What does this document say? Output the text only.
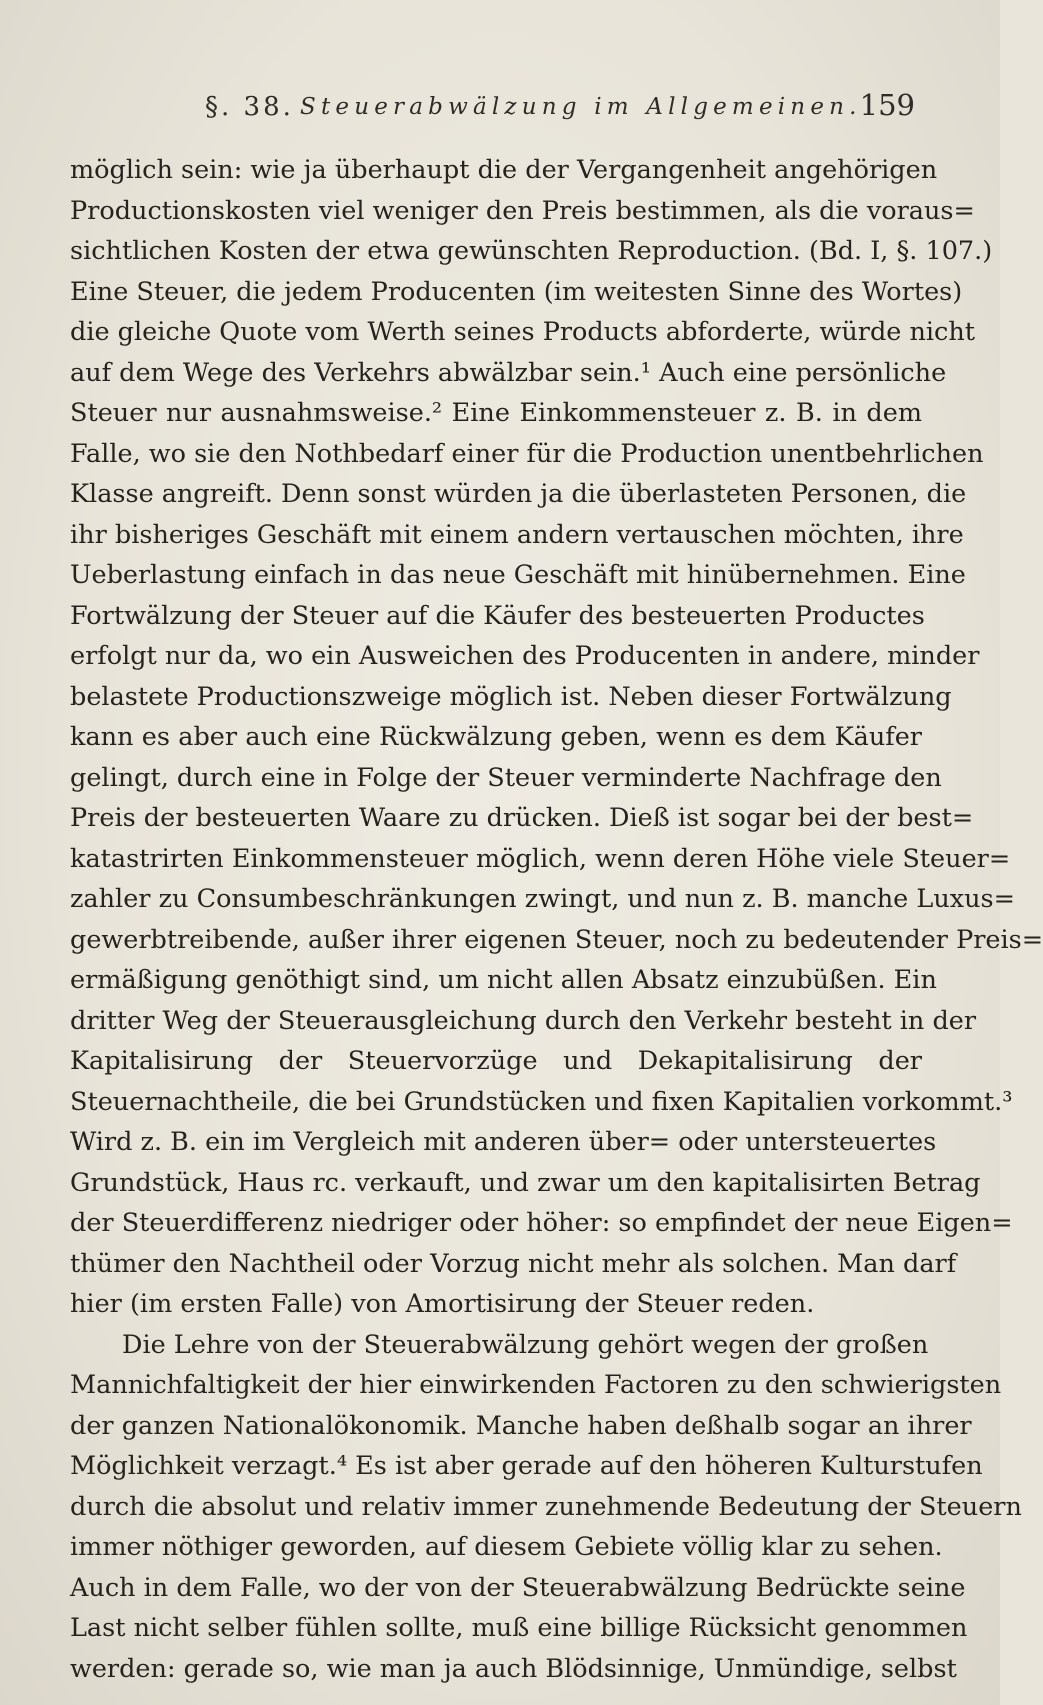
§. 38. Steuerabwälzung im Allgemeinen.
159
möglich sein: wie ja überhaupt die der Vergangenheit angehörigen
Productionskosten viel weniger den Preis bestimmen, als die voraus=
sichtlichen Kosten der etwa gewünschten Reproduction. (Bd. I, §. 107.)
Eine Steuer, die jedem Producenten (im weitesten Sinne des Wortes)
die gleiche Quote vom Werth seines Products abforderte, würde nicht
auf dem Wege des Verkehrs abwälzbar sein.¹ Auch eine persönliche
Steuer nur ausnahmsweise.² Eine Einkommensteuer z. B. in dem
Falle, wo sie den Nothbedarf einer für die Production unentbehrlichen
Klasse angreift. Denn sonst würden ja die überlasteten Personen, die
ihr bisheriges Geschäft mit einem andern vertauschen möchten, ihre
Ueberlastung einfach in das neue Geschäft mit hinübernehmen. Eine
Fortwälzung der Steuer auf die Käufer des besteuerten Productes
erfolgt nur da, wo ein Ausweichen des Producenten in andere, minder
belastete Productionszweige möglich ist. Neben dieser Fortwälzung
kann es aber auch eine Rückwälzung geben, wenn es dem Käufer
gelingt, durch eine in Folge der Steuer verminderte Nachfrage den
Preis der besteuerten Waare zu drücken. Dieß ist sogar bei der best=
katastrirten Einkommensteuer möglich, wenn deren Höhe viele Steuer=
zahler zu Consumbeschränkungen zwingt, und nun z. B. manche Luxus=
gewerbtreibende, außer ihrer eigenen Steuer, noch zu bedeutender Preis=
ermäßigung genöthigt sind, um nicht allen Absatz einzubüßen. Ein
dritter Weg der Steuerausgleichung durch den Verkehr besteht in der
Kapitalisirung der Steuervorzüge und Dekapitalisirung der
Steuernachtheile, die bei Grundstücken und fixen Kapitalien vorkommt.³
Wird z. B. ein im Vergleich mit anderen über= oder untersteuertes
Grundstück, Haus rc. verkauft, und zwar um den kapitalisirten Betrag
der Steuerdifferenz niedriger oder höher: so empfindet der neue Eigen=
thümer den Nachtheil oder Vorzug nicht mehr als solchen. Man darf
hier (im ersten Falle) von Amortisirung der Steuer reden.
Die Lehre von der Steuerabwälzung gehört wegen der großen
Mannichfaltigkeit der hier einwirkenden Factoren zu den schwierigsten
der ganzen Nationalökonomik. Manche haben deßhalb sogar an ihrer
Möglichkeit verzagt.⁴ Es ist aber gerade auf den höheren Kulturstufen
durch die absolut und relativ immer zunehmende Bedeutung der Steuern
immer nöthiger geworden, auf diesem Gebiete völlig klar zu sehen.
Auch in dem Falle, wo der von der Steuerabwälzung Bedrückte seine
Last nicht selber fühlen sollte, muß eine billige Rücksicht genommen
werden: gerade so, wie man ja auch Blödsinnige, Unmündige, selbst
